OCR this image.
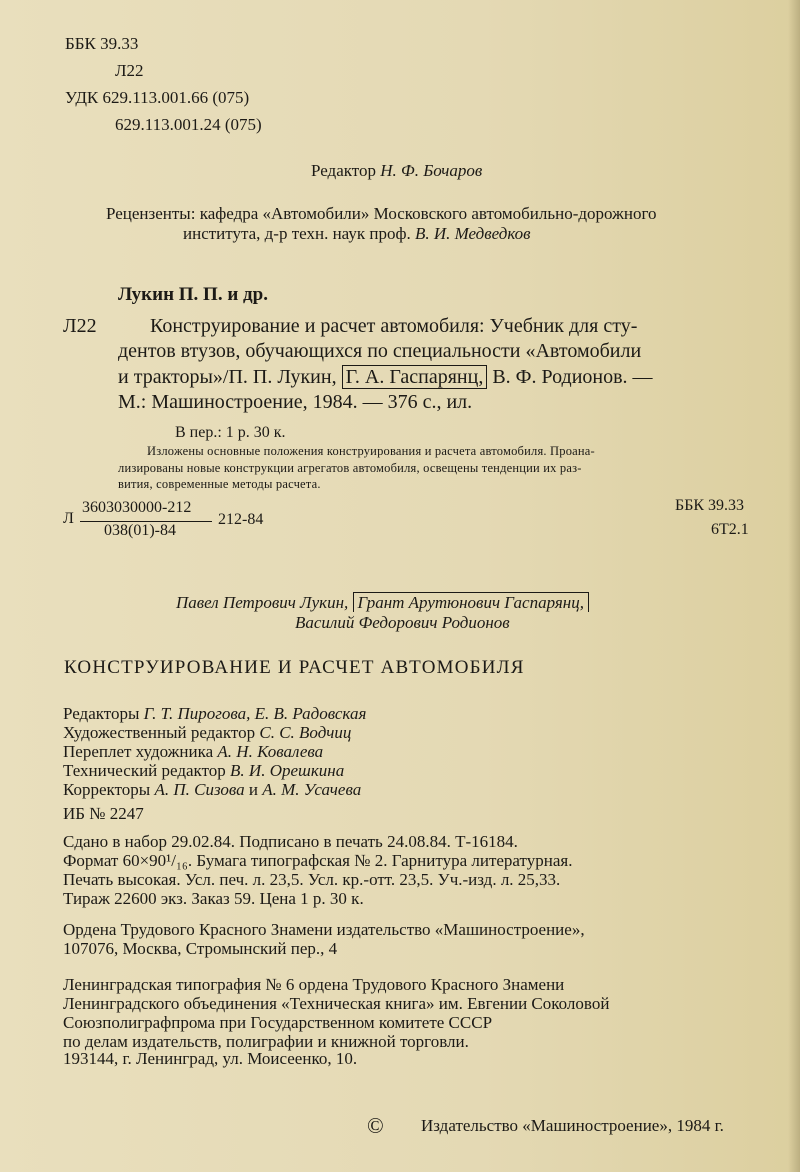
ББК 39.33
Л22
УДК 629.113.001.66 (075)
629.113.001.24 (075)
Редактор Н. Ф. Бочаров
Рецензенты: кафедра «Автомобили» Московского автомобильно-дорожного
института, д-р техн. наук проф. В. И. Медведков
Лукин П. П. и др.
Л22	Конструирование и расчет автомобиля: Учебник для сту-
дентов втузов, обучающихся по специальности «Автомобили
и тракторы»/П. П. Лукин, Г. А. Гаспарянц, В. Ф. Родионов. —
М.: Машиностроение, 1984. — 376 с., ил.
В пер.: 1 р. 30 к.
Изложены основные положения конструирования и расчета автомобиля. Проана-
лизированы новые конструкции агрегатов автомобиля, освещены тенденции их раз-
вития, современные методы расчета.
Л
3603030000-212
038(01)-84
212-84
ББК 39.33
6Т2.1
Павел Петрович Лукин, Грант Арутюнович Гаспарянц,
Василий Федорович Родионов
КОНСТРУИРОВАНИЕ И РАСЧЕТ АВТОМОБИЛЯ
Редакторы Г. Т. Пирогова, Е. В. Радовская
Художественный редактор С. С. Водчиц
Переплет художника А. Н. Ковалева
Технический редактор В. И. Орешкина
Корректоры А. П. Сизова и А. М. Усачева
ИБ № 2247
Сдано в набор 29.02.84. Подписано в печать 24.08.84. Т-16184.
Формат 60×90¹/₁₆. Бумага типографская № 2. Гарнитура литературная.
Печать высокая. Усл. печ. л. 23,5. Усл. кр.-отт. 23,5. Уч.-изд. л. 25,33.
Тираж 22600 экз. Заказ 59. Цена 1 р. 30 к.
Ордена Трудового Красного Знамени издательство «Машиностроение»,
107076, Москва, Стромынский пер., 4
Ленинградская типография № 6 ордена Трудового Красного Знамени
Ленинградского объединения «Техническая книга» им. Евгении Соколовой
Союзполиграфпрома при Государственном комитете СССР
по делам издательств, полиграфии и книжной торговли.
193144, г. Ленинград, ул. Моисеенко, 10.
© Издательство «Машиностроение», 1984 г.
